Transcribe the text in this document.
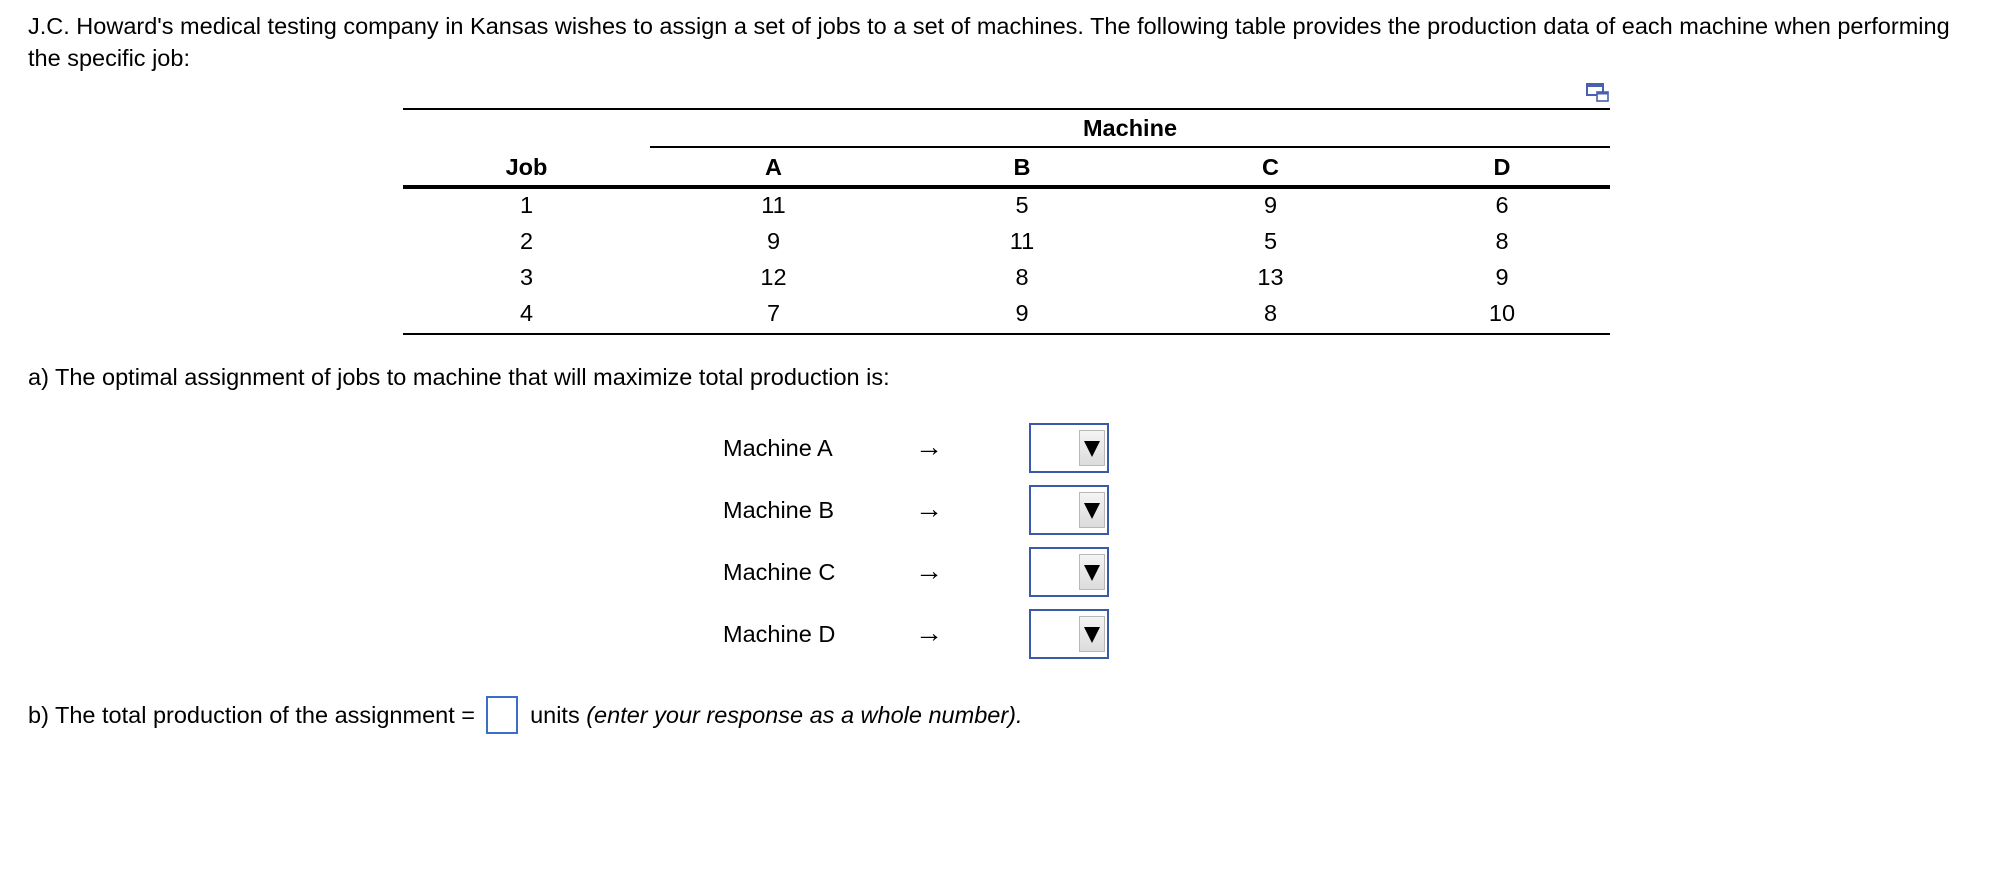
J.C. Howard's medical testing company in Kansas wishes to assign a set of jobs to a set of machines. The following table provides the production data of each machine when performing the specific job:
Machine
Job	A	B	C	D
1	11	5	9	6
2	9	11	5	8
3	12	8	13	9
4	7	9	8	10
a) The optimal assignment of jobs to machine that will maximize total production is:
Machine A	→
Machine B	→
Machine C	→
Machine D	→
b) The total production of the assignment = units (enter your response as a whole number).
